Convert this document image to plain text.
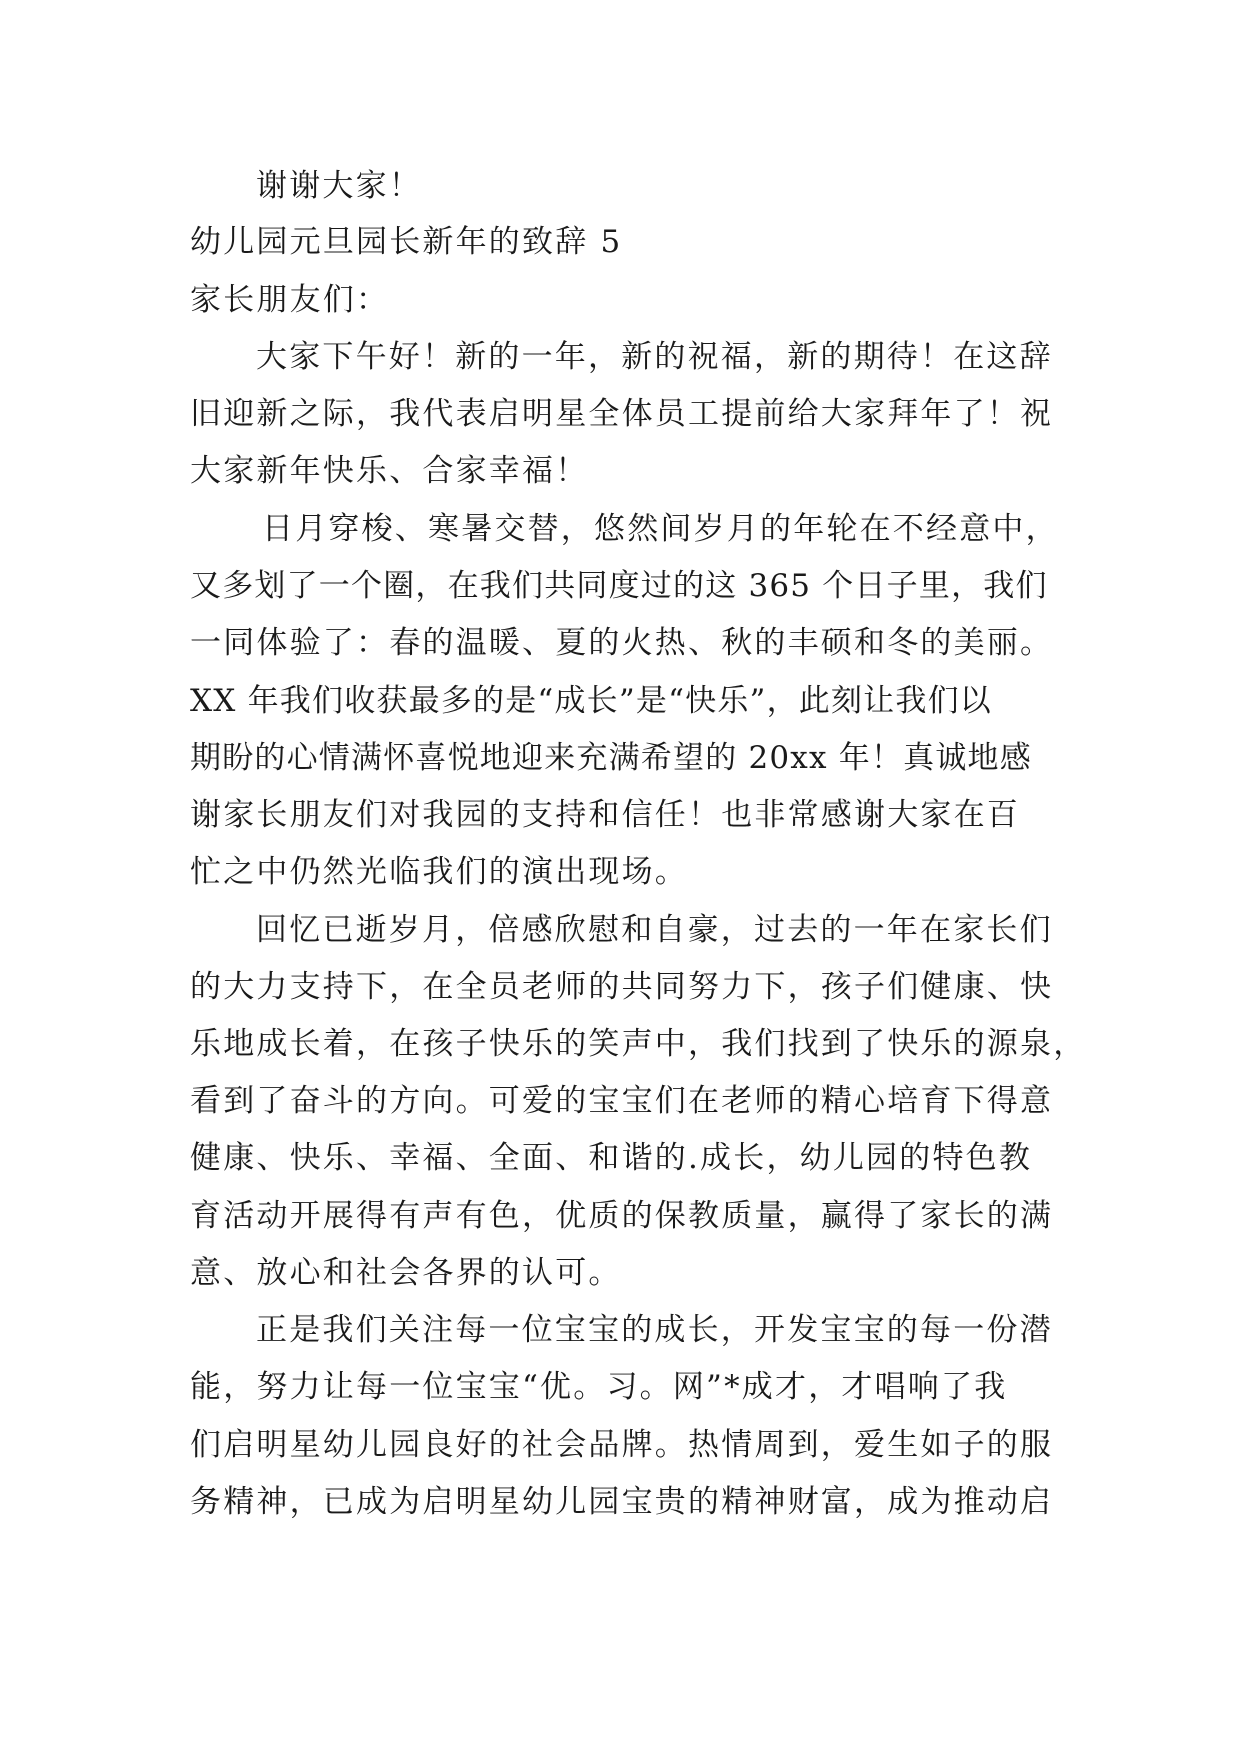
谢谢大家！
幼儿园元旦园长新年的致辞 5
家长朋友们：
大家下午好！新的一年，新的祝福，新的期待！在这辞
旧迎新之际，我代表启明星全体员工提前给大家拜年了！祝
大家新年快乐、合家幸福！
日月穿梭、寒暑交替，悠然间岁月的年轮在不经意中，
又多划了一个圈，在我们共同度过的这 365 个日子里，我们
一同体验了：春的温暖、夏的火热、秋的丰硕和冬的美丽。
XX 年我们收获最多的是“成长”是“快乐”，此刻让我们以
期盼的心情满怀喜悦地迎来充满希望的 20xx 年！真诚地感
谢家长朋友们对我园的支持和信任！也非常感谢大家在百
忙之中仍然光临我们的演出现场。
回忆已逝岁月，倍感欣慰和自豪，过去的一年在家长们
的大力支持下，在全员老师的共同努力下，孩子们健康、快
乐地成长着，在孩子快乐的笑声中，我们找到了快乐的源泉，
看到了奋斗的方向。可爱的宝宝们在老师的精心培育下得意
健康、快乐、幸福、全面、和谐的.成长，幼儿园的特色教
育活动开展得有声有色，优质的保教质量，赢得了家长的满
意、放心和社会各界的认可。
正是我们关注每一位宝宝的成长，开发宝宝的每一份潜
能，努力让每一位宝宝“优。习。网”*成才，才唱响了我
们启明星幼儿园良好的社会品牌。热情周到，爱生如子的服
务精神，已成为启明星幼儿园宝贵的精神财富，成为推动启
